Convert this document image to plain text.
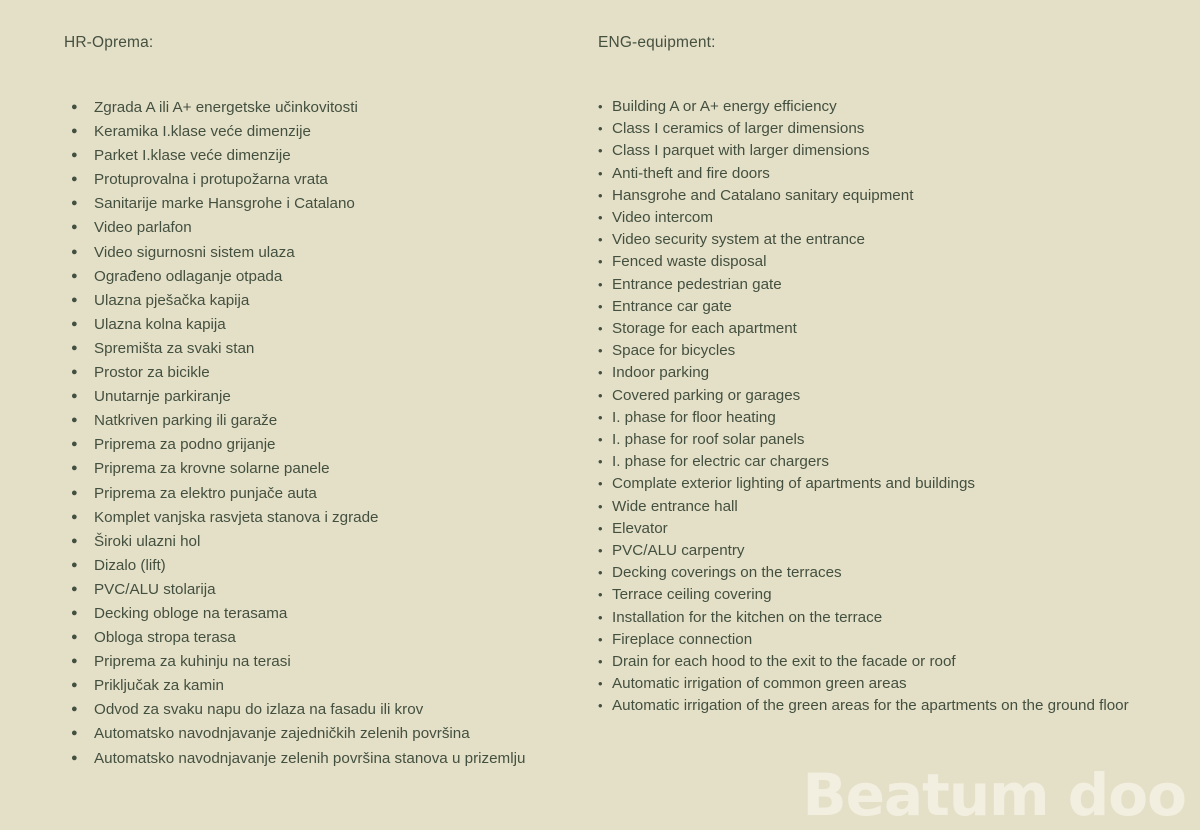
HR-Oprema:

● Zgrada A ili A+ energetske učinkovitosti
● Keramika I.klase veće dimenzije
● Parket I.klase veće dimenzije
● Protuprovalna i protupožarna vrata
● Sanitarije marke Hansgrohe i Catalano
● Video parlafon
● Video sigurnosni sistem ulaza
● Ograđeno odlaganje otpada
● Ulazna pješačka kapija
● Ulazna kolna kapija
● Spremišta za svaki stan
● Prostor za bicikle
● Unutarnje parkiranje
● Natkriven parking ili garaže
● Priprema za podno grijanje
● Priprema za krovne solarne panele
● Priprema za elektro punjače auta
● Komplet vanjska rasvjeta stanova i zgrade
● Široki ulazni hol
● Dizalo (lift)
● PVC/ALU stolarija
● Decking obloge na terasama
● Obloga stropa terasa
● Priprema za kuhinju na terasi
● Priključak za kamin
● Odvod za svaku napu do izlaza na fasadu ili krov
● Automatsko navodnjavanje zajedničkih zelenih površina
● Automatsko navodnjavanje zelenih površina stanova u prizemlju

ENG-equipment:

• Building A or A+ energy efficiency
• Class I ceramics of larger dimensions
• Class I parquet with larger dimensions
• Anti-theft and fire doors
• Hansgrohe and Catalano sanitary equipment
• Video intercom
• Video security system at the entrance
• Fenced waste disposal
• Entrance pedestrian gate
• Entrance car gate
• Storage for each apartment
• Space for bicycles
• Indoor parking
• Covered parking or garages
• I. phase for floor heating
• I. phase for roof solar panels
• I. phase for electric car chargers
• Complate exterior lighting of apartments and buildings
• Wide entrance hall
• Elevator
• PVC/ALU carpentry
• Decking coverings on the terraces
• Terrace ceiling covering
• Installation for the kitchen on the terrace
• Fireplace connection
• Drain for each hood to the exit to the facade or roof
• Automatic irrigation of common green areas
• Automatic irrigation of the green areas for the apartments on the ground floor
Beatum doo
